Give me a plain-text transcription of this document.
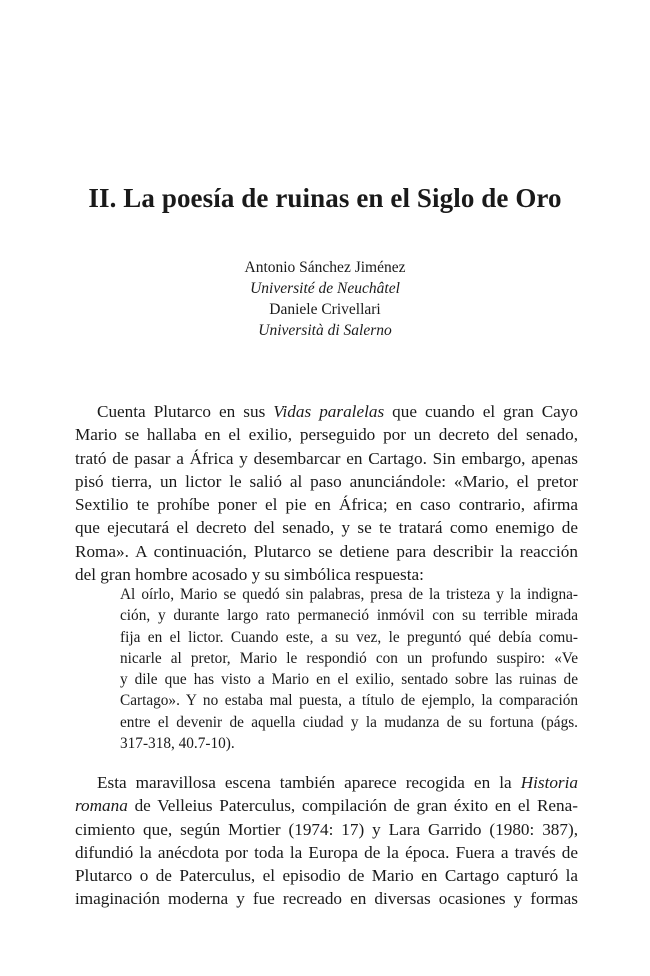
II. La poesía de ruinas en el Siglo de Oro
Antonio Sánchez Jiménez
Université de Neuchâtel
Daniele Crivellari
Università di Salerno
Cuenta Plutarco en sus Vidas paralelas que cuando el gran Cayo
Mario se hallaba en el exilio, perseguido por un decreto del senado,
trató de pasar a África y desembarcar en Cartago. Sin embargo, apenas
pisó tierra, un lictor le salió al paso anunciándole: «Mario, el pretor
Sextilio te prohíbe poner el pie en África; en caso contrario, afirma
que ejecutará el decreto del senado, y se te tratará como enemigo de
Roma». A continuación, Plutarco se detiene para describir la reacción
del gran hombre acosado y su simbólica respuesta:
Al oírlo, Mario se quedó sin palabras, presa de la tristeza y la indigna-
ción, y durante largo rato permaneció inmóvil con su terrible mirada
fija en el lictor. Cuando este, a su vez, le preguntó qué debía comu-
nicarle al pretor, Mario le respondió con un profundo suspiro: «Ve
y dile que has visto a Mario en el exilio, sentado sobre las ruinas de
Cartago». Y no estaba mal puesta, a título de ejemplo, la comparación
entre el devenir de aquella ciudad y la mudanza de su fortuna (págs.
317-318, 40.7-10).
Esta maravillosa escena también aparece recogida en la Historia
romana de Velleius Paterculus, compilación de gran éxito en el Rena-
cimiento que, según Mortier (1974: 17) y Lara Garrido (1980: 387),
difundió la anécdota por toda la Europa de la época. Fuera a través de
Plutarco o de Paterculus, el episodio de Mario en Cartago capturó la
imaginación moderna y fue recreado en diversas ocasiones y formas
